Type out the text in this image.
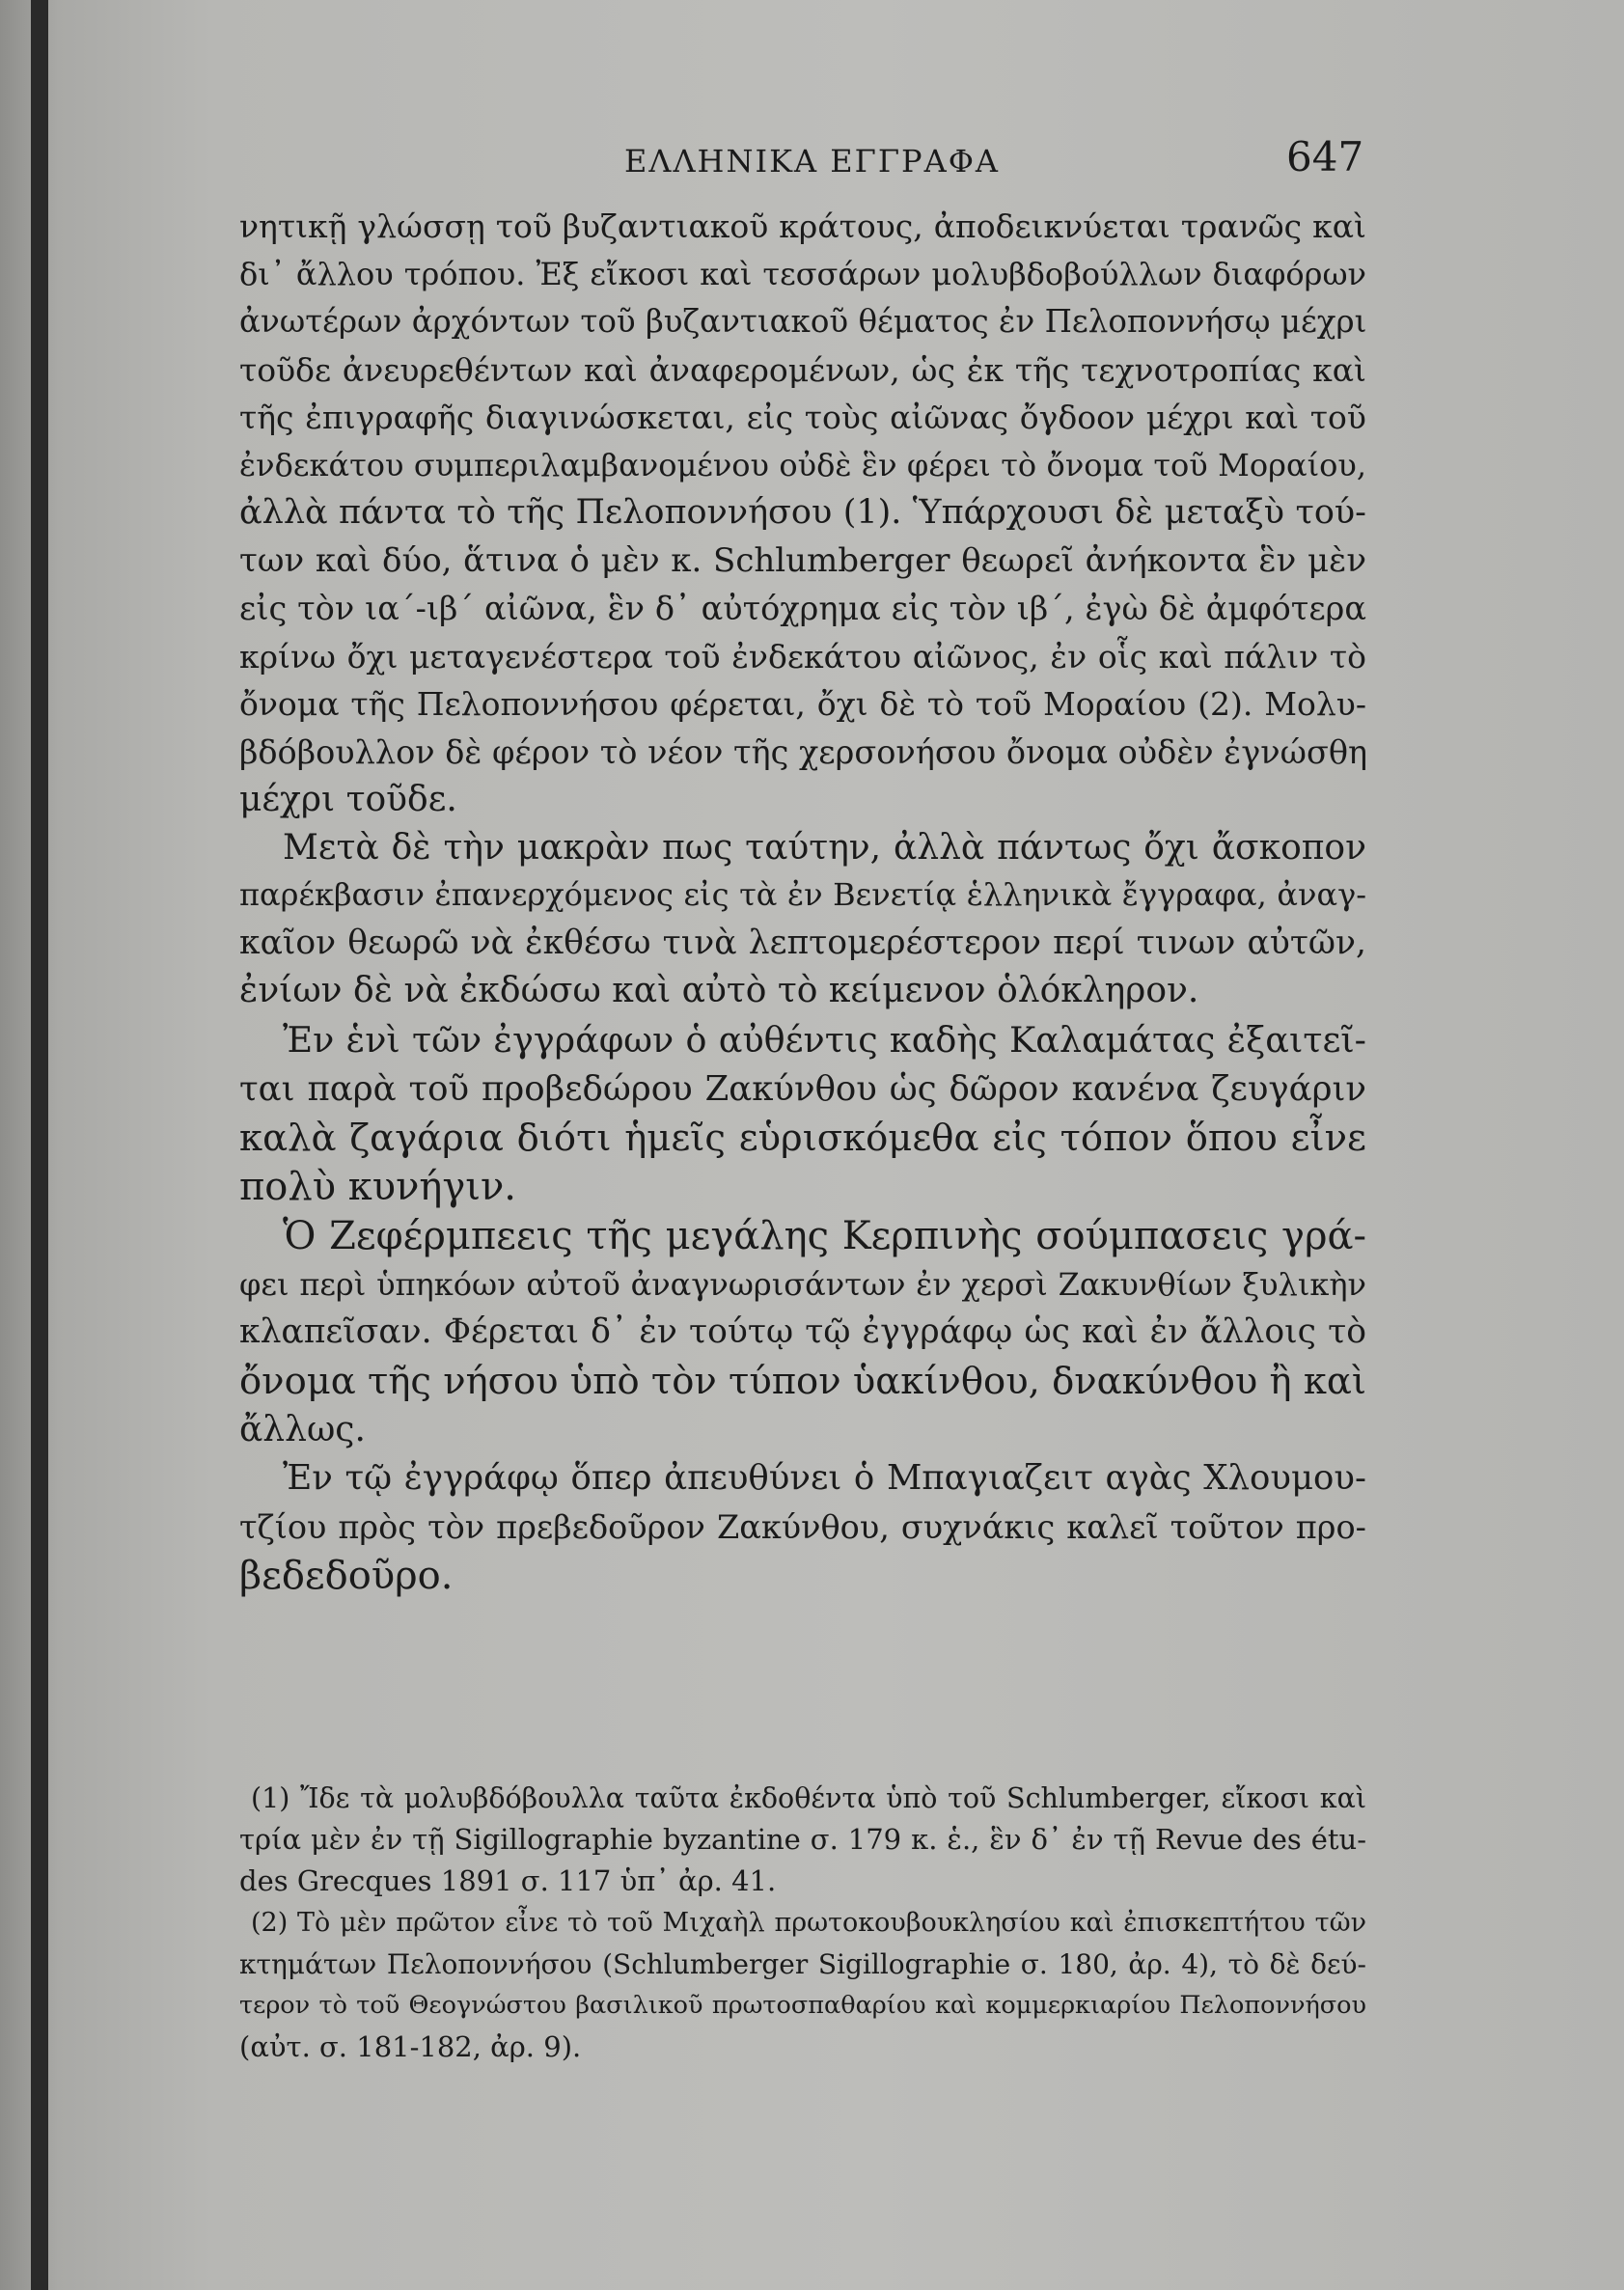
ΕΛΛΗΝΙΚΑ ΕΓΓΡΑΦΑ	647
νητικῇ γλώσσῃ τοῦ βυζαντιακοῦ κράτους, ἀποδεικνύεται τρανῶς καὶ
δι᾽ ἄλλου τρόπου. Ἐξ εἴκοσι καὶ τεσσάρων μολυβδοβούλλων διαφόρων
ἀνωτέρων ἀρχόντων τοῦ βυζαντιακοῦ θέματος ἐν Πελοποννήσῳ μέχρι
τοῦδε ἀνευρεθέντων καὶ ἀναφερομένων, ὡς ἐκ τῆς τεχνοτροπίας καὶ
τῆς ἐπιγραφῆς διαγινώσκεται, εἰς τοὺς αἰῶνας ὄγδοον μέχρι καὶ τοῦ
ἐνδεκάτου συμπεριλαμβανομένου οὐδὲ ἓν φέρει τὸ ὄνομα τοῦ Μοραίου,
ἀλλὰ πάντα τὸ τῆς Πελοποννήσου (1). Ὑπάρχουσι δὲ μεταξὺ τού-
των καὶ δύο, ἅτινα ὁ μὲν κ. Schlumberger θεωρεῖ ἀνήκοντα ἓν μὲν
εἰς τὸν ια΄-ιβ΄ αἰῶνα, ἓν δ᾽ αὐτόχρημα εἰς τὸν ιβ΄, ἐγὼ δὲ ἀμφότερα
κρίνω ὄχι μεταγενέστερα τοῦ ἐνδεκάτου αἰῶνος, ἐν οἷς καὶ πάλιν τὸ
ὄνομα τῆς Πελοποννήσου φέρεται, ὄχι δὲ τὸ τοῦ Μοραίου (2). Μολυ-
βδόβουλλον δὲ φέρον τὸ νέον τῆς χερσονήσου ὄνομα οὐδὲν ἐγνώσθη
μέχρι τοῦδε.
Μετὰ δὲ τὴν μακρὰν πως ταύτην, ἀλλὰ πάντως ὄχι ἄσκοπον
παρέκβασιν ἐπανερχόμενος εἰς τὰ ἐν Βενετίᾳ ἑλληνικὰ ἔγγραφα, ἀναγ-
καῖον θεωρῶ νὰ ἐκθέσω τινὰ λεπτομερέστερον περί τινων αὐτῶν,
ἐνίων δὲ νὰ ἐκδώσω καὶ αὐτὸ τὸ κείμενον ὁλόκληρον.
Ἐν ἑνὶ τῶν ἐγγράφων ὁ αὐθέντις καδὴς Καλαμάτας ἐξαιτεῖ-
ται παρὰ τοῦ προβεδώρου Ζακύνθου ὡς δῶρον κανένα ζευγάριν
καλὰ ζαγάρια διότι ἡμεῖς εὑρισκόμεθα εἰς τόπον ὅπου εἶνε
πολὺ κυνήγιν.
Ὁ Ζεφέρμπεεις τῆς μεγάλης Κερπινὴς σούμπασεις γρά-
φει περὶ ὑπηκόων αὐτοῦ ἀναγνωρισάντων ἐν χερσὶ Ζακυνθίων ξυλικὴν
κλαπεῖσαν. Φέρεται δ᾽ ἐν τούτῳ τῷ ἐγγράφῳ ὡς καὶ ἐν ἄλλοις τὸ
ὄνομα τῆς νήσου ὑπὸ τὸν τύπον ὑακίνθου, δνακύνθου ἢ καὶ
ἄλλως.
Ἐν τῷ ἐγγράφῳ ὅπερ ἀπευθύνει ὁ Μπαγιαζειτ αγὰς Χλουμου-
τζίου πρὸς τὸν πρεβεδοῦρον Ζακύνθου, συχνάκις καλεῖ τοῦτον προ-
βεδεδοῦρο.
(1) Ἴδε τὰ μολυβδόβουλλα ταῦτα ἐκδοθέντα ὑπὸ τοῦ Schlumberger, εἴκοσι καὶ
τρία μὲν ἐν τῇ Sigillographie byzantine σ. 179 κ. ἑ., ἓν δ᾽ ἐν τῇ Revue des étu-
des Grecques 1891 σ. 117 ὑπ᾽ ἀρ. 41.
(2) Τὸ μὲν πρῶτον εἶνε τὸ τοῦ Μιχαὴλ πρωτοκουβουκλησίου καὶ ἐπισκεπτήτου τῶν
κτημάτων Πελοποννήσου (Schlumberger Sigillographie σ. 180, ἀρ. 4), τὸ δὲ δεύ-
τερον τὸ τοῦ Θεογνώστου βασιλικοῦ πρωτοσπαθαρίου καὶ κομμερκιαρίου Πελοποννήσου
(αὐτ. σ. 181-182, ἀρ. 9).
